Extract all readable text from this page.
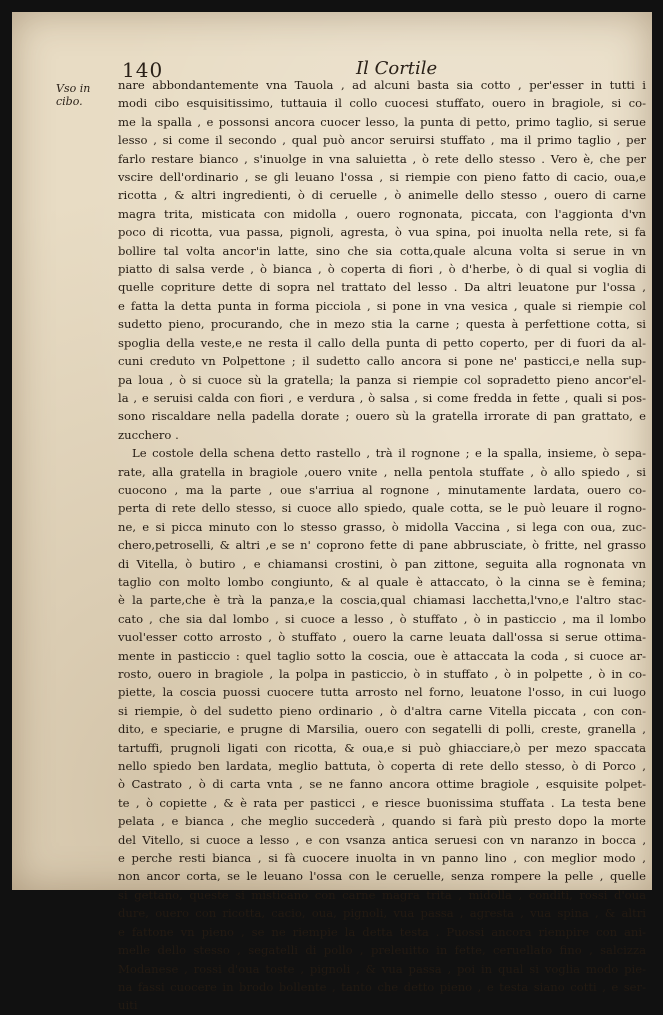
140	Il Cortile
Vso in
cibo.
nare abbondantemente vna Tauola , ad alcuni basta sia cotto , per'esser in tutti i
modi cibo esquisitissimo, tuttauia il collo cuocesi stuffato, ouero in bragiole, si co-
me la spalla , e possonsi ancora cuocer lesso, la punta di petto, primo taglio, si serue
lesso , si come il secondo , qual può ancor seruirsi stuffato , ma il primo taglio , per
farlo restare bianco , s'inuolge in vna saluietta , ò rete dello stesso . Vero è, che per
vscire dell'ordinario , se gli leuano l'ossa , si riempie con pieno fatto di cacio, oua,e
ricotta , & altri ingredienti, ò di ceruelle , ò animelle dello stesso , ouero di carne
magra trita, misticata con midolla , ouero rognonata, piccata, con l'aggionta d'vn
poco di ricotta, vua passa, pignoli, agresta, ò vua spina, poi inuolta nella rete, si fa
bollire tal volta ancor'in latte, sino che sia cotta,quale alcuna volta si serue in vn
piatto di salsa verde , ò bianca , ò coperta di fiori , ò d'herbe, ò di qual si voglia di
quelle copriture dette di sopra nel trattato del lesso . Da altri leuatone pur l'ossa ,
e fatta la detta punta in forma picciola , si pone in vna vesica , quale si riempie col
sudetto pieno, procurando, che in mezo stia la carne ; questa à perfettione cotta, si
spoglia della veste,e ne resta il callo della punta di petto coperto, per di fuori da al-
cuni creduto vn Polpettone ; il sudetto callo ancora si pone ne' pasticci,e nella sup-
pa loua , ò si cuoce sù la gratella; la panza si riempie col sopradetto pieno ancor'el-
la , e seruisi calda con fiori , e verdura , ò salsa , si come fredda in fette , quali si pos-
sono riscaldare nella padella dorate ; ouero sù la gratella irrorate di pan grattato, e
zucchero .
Le costole della schena detto rastello , trà il rognone ; e la spalla, insieme, ò sepa-
rate, alla gratella in bragiole ,ouero vnite , nella pentola stuffate , ò allo spiedo , si
cuocono , ma la parte , oue s'arriua al rognone , minutamente lardata, ouero co-
perta di rete dello stesso, si cuoce allo spiedo, quale cotta, se le può leuare il rogno-
ne, e si picca minuto con lo stesso grasso, ò midolla Vaccina , si lega con oua, zuc-
chero,petroselli, & altri ,e se n' coprono fette di pane abbrusciate, ò fritte, nel grasso
di Vitella, ò butiro , e chiamansi crostini, ò pan zittone, seguita alla rognonata vn
taglio con molto lombo congiunto, & al quale è attaccato, ò la cinna se è femina;
è la parte,che è trà la panza,e la coscia,qual chiamasi lacchetta,l'vno,e l'altro stac-
cato , che sia dal lombo , si cuoce a lesso , ò stuffato , ò in pasticcio , ma il lombo
vuol'esser cotto arrosto , ò stuffato , ouero la carne leuata dall'ossa si serue ottima-
mente in pasticcio : quel taglio sotto la coscia, oue è attaccata la coda , si cuoce ar-
rosto, ouero in bragiole , la polpa in pasticcio, ò in stuffato , ò in polpette , ò in co-
piette, la coscia puossi cuocere tutta arrosto nel forno, leuatone l'osso, in cui luogo
si riempie, ò del sudetto pieno ordinario , ò d'altra carne Vitella piccata , con con-
dito, e speciarie, e prugne di Marsilia, ouero con segatelli di polli, creste, granella ,
tartuffi, prugnoli ligati con ricotta, & oua,e si può ghiacciare,ò per mezo spaccata
nello spiedo ben lardata, meglio battuta, ò coperta di rete dello stesso, ò di Porco ,
ò Castrato , ò di carta vnta , se ne fanno ancora ottime bragiole , esquisite polpet-
te , ò copiette , & è rata per pasticci , e riesce buonissima stuffata . La testa bene
pelata , e bianca , che meglio succederà , quando si farà più presto dopo la morte
del Vitello, si cuoce a lesso , e con vsanza antica seruesi con vn naranzo in bocca ,
e perche resti bianca , si fà cuocere inuolta in vn panno lino , con meglior modo ,
non ancor corta, se le leuano l'ossa con le ceruelle, senza rompere la pelle , quelle
si gettano, queste si misticano con carne magra trita , midolla , conditi, rossi d'oua
dure, ouero con ricotta, cacio, oua, pignoli, vua passa , agresta , vua spina , & altri
e fattone vn pieno , se ne riempie la detta testa . Puossi ancora riempire con ani-
melle dello stesso , segatelli di pollo , preleuitto in fette, ceruellato fino , salcizza
Modanese , rossi d'oua toste , pignoli , & vua passa , poi in qual si voglia modo pie-
na fassi cuocere in brodo bollente , tanto che detto pieno , e testa siano cotti , e ser-
uiti
